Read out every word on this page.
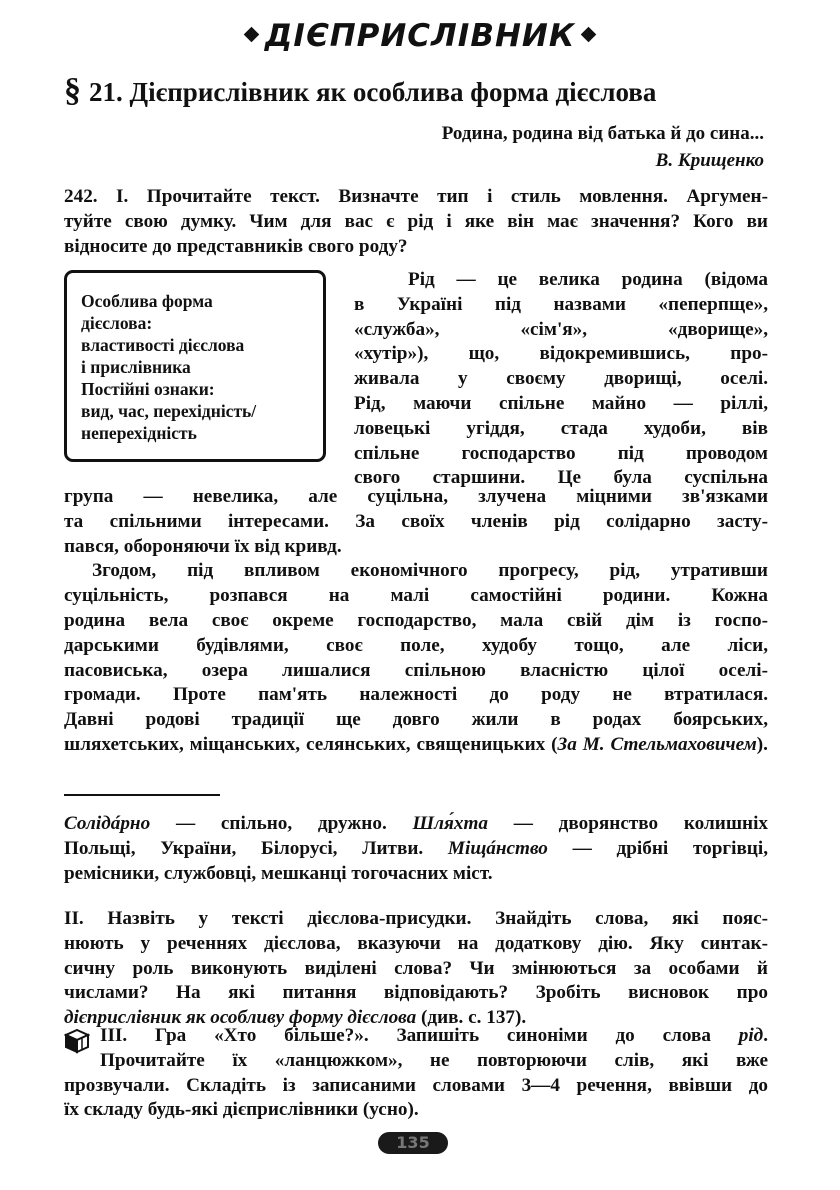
ДІЄПРИСЛІВНИК
§ 21. Дієприслівник як особлива форма дієслова
Родина, родина від батька й до сина...
В. Крищенко
242. I. Прочитайте текст. Визначте тип і стиль мовлення. Аргумен-
туйте свою думку. Чим для вас є рід і яке він має значення? Кого ви
відносите до представників свого роду?
Особлива форма
дієслова:
властивості дієслова
і прислівника
Постійні ознаки:
вид, час, перехідність/
неперехідність
Рід — це велика родина (відома
в Україні під назвами «пеперпще»,
«служба», «сім'я», «дворище»,
«хутір»), що, відокремившись, про-
живала у своєму дворищі, оселі.
Рід, маючи спільне майно — рiллі,
ловецькі угіддя, стада худоби, вів
спільне господарство під проводом
свого старшини. Це була суспільна
група — невелика, але суцільна, злучена міцними зв'язками
та спільними інтересами. За своїх членів рід солідарно засту-
пався, обороняючи їх від кривд.
Згодом, під впливом економічного прогресу, рід, утративши
суцільність, розпався на малі самостійні родини. Кожна
родина вела своє окреме господарство, мала свій дім із госпо-
дарськими будівлями, своє поле, худобу тощо, але ліси,
пасовиська, озера лишалися спільною власністю цілої оселі-
громади. Проте пам'ять належності до роду не втратилася.
Давні родові традиції ще довго жили в родах боярських,
шляхетських, міщанських, селянських, священицьких (За М. Стельмаховичем).
Солідáрно — спільно, дружно. Шля́хта — дворянство колишніх
Польщі, України, Білорусі, Литви. Міщáнство — дрібні торгівці,
ремісники, службовці, мешканці тогочасних міст.
II. Назвіть у тексті дієслова-присудки. Знайдіть слова, які пояс-
нюють у реченнях дієслова, вказуючи на додаткову дію. Яку синтак-
сичну роль виконують виділені слова? Чи змінюються за особами й
числами? На які питання відповідають? Зробіть висновок про
дієприслівник як особливу форму дієслова (див. с. 137).
III. Гра «Хто більше?». Запишіть синоніми до слова рід.
Прочитайте їх «ланцюжком», не повторюючи слів, які вже
прозвучали. Складіть із записаними словами 3—4 речення, ввівши до
їх складу будь-які дієприслівники (усно).
135
